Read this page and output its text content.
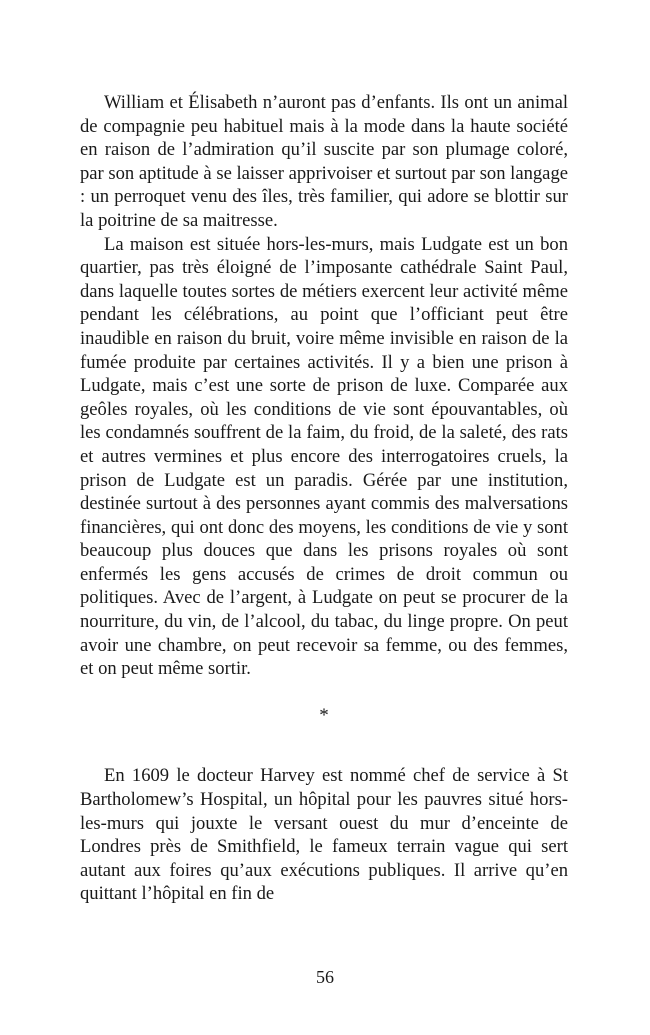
William et Élisabeth n’auront pas d’enfants. Ils ont un animal de compagnie peu habituel mais à la mode dans la haute société en raison de l’admiration qu’il suscite par son plumage coloré, par son aptitude à se laisser apprivoiser et surtout par son langage : un perroquet venu des îles, très familier, qui adore se blottir sur la poitrine de sa maitresse.

La maison est située hors-les-murs, mais Ludgate est un bon quartier, pas très éloigné de l’imposante cathédrale Saint Paul, dans laquelle toutes sortes de métiers exercent leur activité même pendant les célébrations, au point que l’officiant peut être inaudible en raison du bruit, voire même invisible en raison de la fumée produite par certaines activités. Il y a bien une prison à Ludgate, mais c’est une sorte de prison de luxe. Comparée aux geôles royales, où les conditions de vie sont épouvantables, où les condamnés souffrent de la faim, du froid, de la saleté, des rats et autres vermines et plus encore des interrogatoires cruels, la prison de Ludgate est un paradis. Gérée par une institution, destinée surtout à des personnes ayant commis des malversations financières, qui ont donc des moyens, les conditions de vie y sont beaucoup plus douces que dans les prisons royales où sont enfermés les gens accusés de crimes de droit commun ou politiques. Avec de l’argent, à Ludgate on peut se procurer de la nourriture, du vin, de l’alcool, du tabac, du linge propre. On peut avoir une chambre, on peut recevoir sa femme, ou des femmes, et on peut même sortir.

*

En 1609 le docteur Harvey est nommé chef de service à St Bartholomew’s Hospital, un hôpital pour les pauvres situé hors-les-murs qui jouxte le versant ouest du mur d’enceinte de Londres près de Smithfield, le fameux terrain vague qui sert autant aux foires qu’aux exécutions publiques. Il arrive qu’en quittant l’hôpital en fin de

56
